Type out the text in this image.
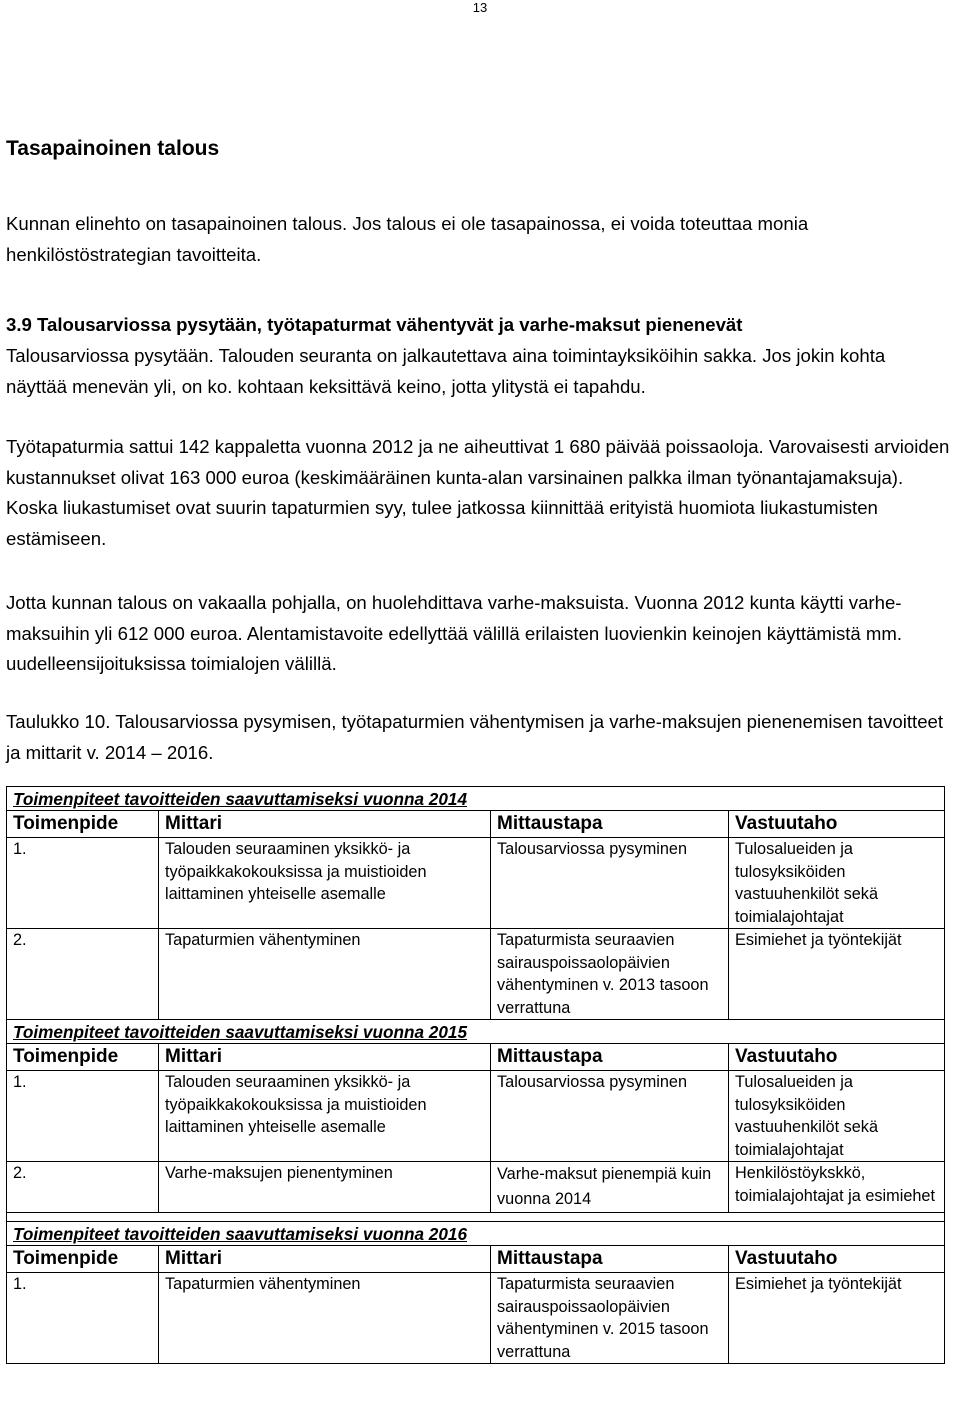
13
Tasapainoinen talous
Kunnan elinehto on tasapainoinen talous. Jos talous ei ole tasapainossa, ei voida toteuttaa monia henkilöstöstrategian tavoitteita.
3.9 Talousarviossa pysytään, työtapaturmat vähentyvät ja varhe-maksut pienenevät
Talousarviossa pysytään. Talouden seuranta on jalkautettava aina toimintayksiköihin sakka. Jos jokin kohta näyttää menevän yli, on ko. kohtaan keksittävä keino, jotta ylitystä ei tapahdu.
Työtapaturmia sattui 142 kappaletta vuonna 2012 ja ne aiheuttivat 1 680 päivää poissaoloja. Varovaisesti arvioiden kustannukset olivat 163 000 euroa (keskimääräinen kunta-alan varsinainen palkka ilman työnantajamaksuja). Koska liukastumiset ovat suurin tapaturmien syy, tulee jatkossa kiinnittää erityistä huomiota liukastumisten estämiseen.
Jotta kunnan talous on vakaalla pohjalla, on huolehdittava varhe-maksuista. Vuonna 2012 kunta käytti varhe-maksuihin yli 612 000 euroa. Alentamistavoite edellyttää välillä erilaisten luovienkin keinojen käyttämistä mm. uudelleensijoituksissa toimialojen välillä.
Taulukko 10. Talousarviossa pysymisen, työtapaturmien vähentymisen ja varhe-maksujen pienenemisen tavoitteet ja mittarit v. 2014 – 2016.
Toimenpiteet tavoitteiden saavuttamiseksi vuonna 2014			
Toimenpide	Mittari	Mittaustapa	Vastuutaho
1.	Talouden seuraaminen yksikkö- ja työpaikkakokouksissa ja muistioiden laittaminen yhteiselle asemalle	Talousarviossa pysyminen	Tulosalueiden ja tulosyksiköiden vastuuhenkilöt sekä toimialajohtajat
2.	Tapaturmien vähentyminen	Tapaturmista seuraavien sairauspoissaolopäivien vähentyminen v. 2013 tasoon verrattuna	Esimiehet ja työntekijät
Toimenpiteet tavoitteiden saavuttamiseksi vuonna 2015			
Toimenpide	Mittari	Mittaustapa	Vastuutaho
1.	Talouden seuraaminen yksikkö- ja työpaikkakokouksissa ja muistioiden laittaminen yhteiselle asemalle	Talousarviossa pysyminen	Tulosalueiden ja tulosyksiköiden vastuuhenkilöt sekä toimialajohtajat
2.	Varhe-maksujen pienentyminen	Varhe-maksut pienempiä kuin vuonna 2014	Henkilöstöykskkö, toimialajohtajat ja esimiehet

Toimenpiteet tavoitteiden saavuttamiseksi vuonna 2016			
Toimenpide	Mittari	Mittaustapa	Vastuutaho
1.	Tapaturmien vähentyminen	Tapaturmista seuraavien sairauspoissaolopäivien vähentyminen v. 2015 tasoon verrattuna	Esimiehet ja työntekijät
